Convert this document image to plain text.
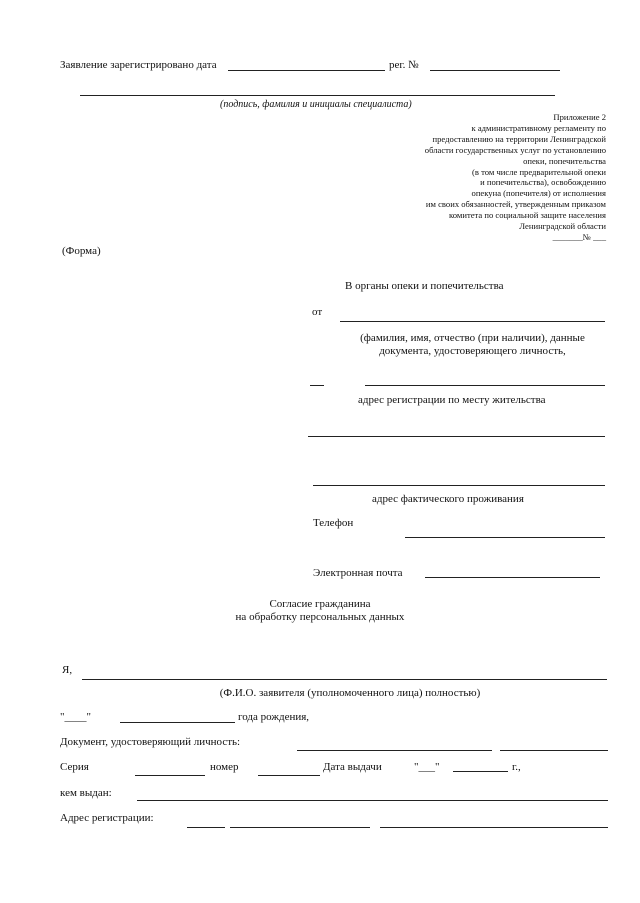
Заявление зарегистрировано дата	рег. №
(подпись, фамилия и инициалы специалиста)
Приложение 2
к административному регламенту по
предоставлению на территории Ленинградской
области государственных услуг по установлению
опеки, попечительства
(в том числе предварительной опеки
и попечительства), освобождению
опекуна (попечителя) от исполнения
им своих обязанностей, утвержденным приказом
комитета по социальной защите населения
Ленинградской области
_______№ ___
(Форма)
В органы опеки и попечительства
от
(фамилия, имя, отчество (при наличии), данные
документа, удостоверяющего личность,
адрес регистрации по месту жительства
адрес фактического проживания
Телефон
Электронная почта
Согласие гражданина
на обработку персональных данных
Я,
(Ф.И.О. заявителя (уполномоченного лица) полностью)
"____"	года рождения,
Документ, удостоверяющий личность:
Серия	номер	Дата выдачи	"___"	г.,
кем выдан:
Адрес регистрации:
